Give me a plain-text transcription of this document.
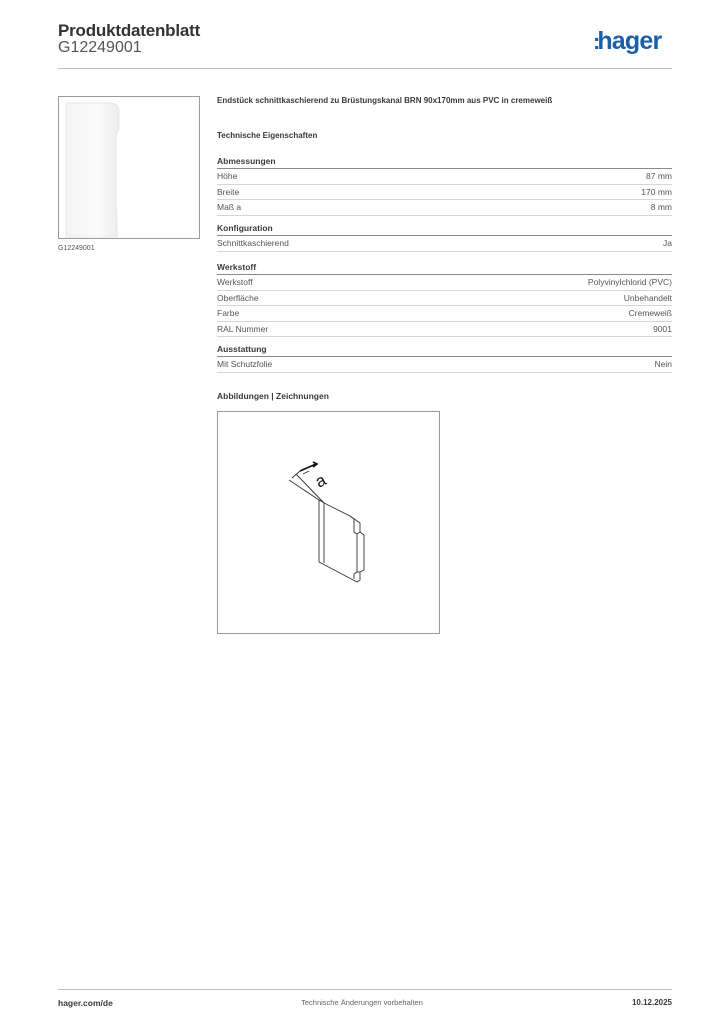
Produktdatenblatt
G12249001	:hager
G12249001
Endstück schnittkaschierend zu Brüstungskanal BRN 90x170mm aus PVC in cremeweiß
Technische Eigenschaften
Abmessungen
Höhe	87 mm
Breite	170 mm
Maß a	8 mm
Konfiguration
Schnittkaschierend	Ja
Werkstoff
Werkstoff	Polyvinylchlorid (PVC)
Oberfläche	Unbehandelt
Farbe	Cremeweiß
RAL Nummer	9001
Ausstattung
Mit Schutzfolie	Nein
Abbildungen | Zeichnungen
a
hager.com/de	Technische Änderungen vorbehalten	10.12.2025
